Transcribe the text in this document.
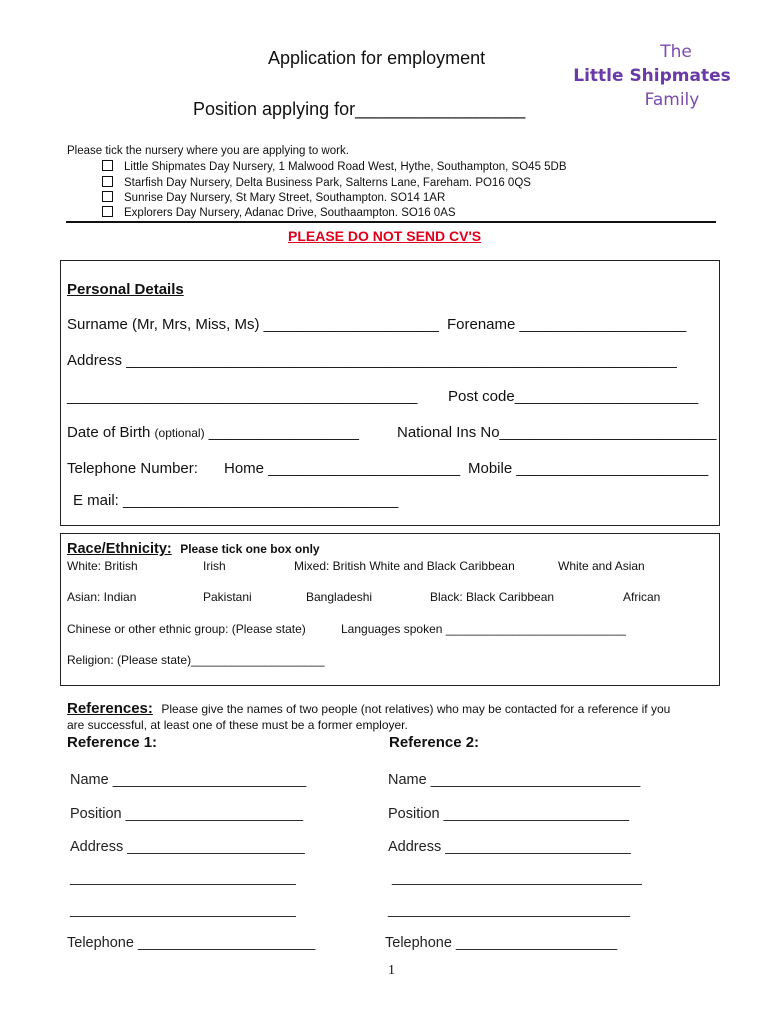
Application for employment
Position applying for_________________
The
Little Shipmates
Family
Please tick the nursery where you are applying to work.
Little Shipmates Day Nursery, 1 Malwood Road West, Hythe, Southampton, SO45 5DB
Starfish Day Nursery, Delta Business Park, Salterns Lane, Fareham. PO16 0QS
Sunrise Day Nursery, St Mary Street, Southampton. SO14 1AR
Explorers Day Nursery, Adanac Drive, Southaampton. SO16 0AS
PLEASE DO NOT SEND CV'S
Personal Details
Surname (Mr, Mrs, Miss, Ms) _____________________ Forename ____________________
Address __________________________________________________________________
__________________________________________ Post code______________________
Date of Birth (optional) __________________	National Ins No__________________________
Telephone Number: Home _______________________ Mobile _______________________
E mail: _________________________________
Race/Ethnicity: Please tick one box only
White: British	Irish	Mixed: British White and Black Caribbean	White and Asian
Asian: Indian	Pakistani	Bangladeshi	Black: Black Caribbean	African
Chinese or other ethnic group: (Please state)	Languages spoken ___________________________
Religion: (Please state)____________________
References: Please give the names of two people (not relatives) who may be contacted for a reference if you
are successful, at least one of these must be a former employer.
Reference 1:	Reference 2:
Name ________________________	Name __________________________
Position ______________________	Position _______________________
Address ______________________	Address _______________________
____________________________	_______________________________
____________________________	______________________________
Telephone ______________________	Telephone ____________________
1
